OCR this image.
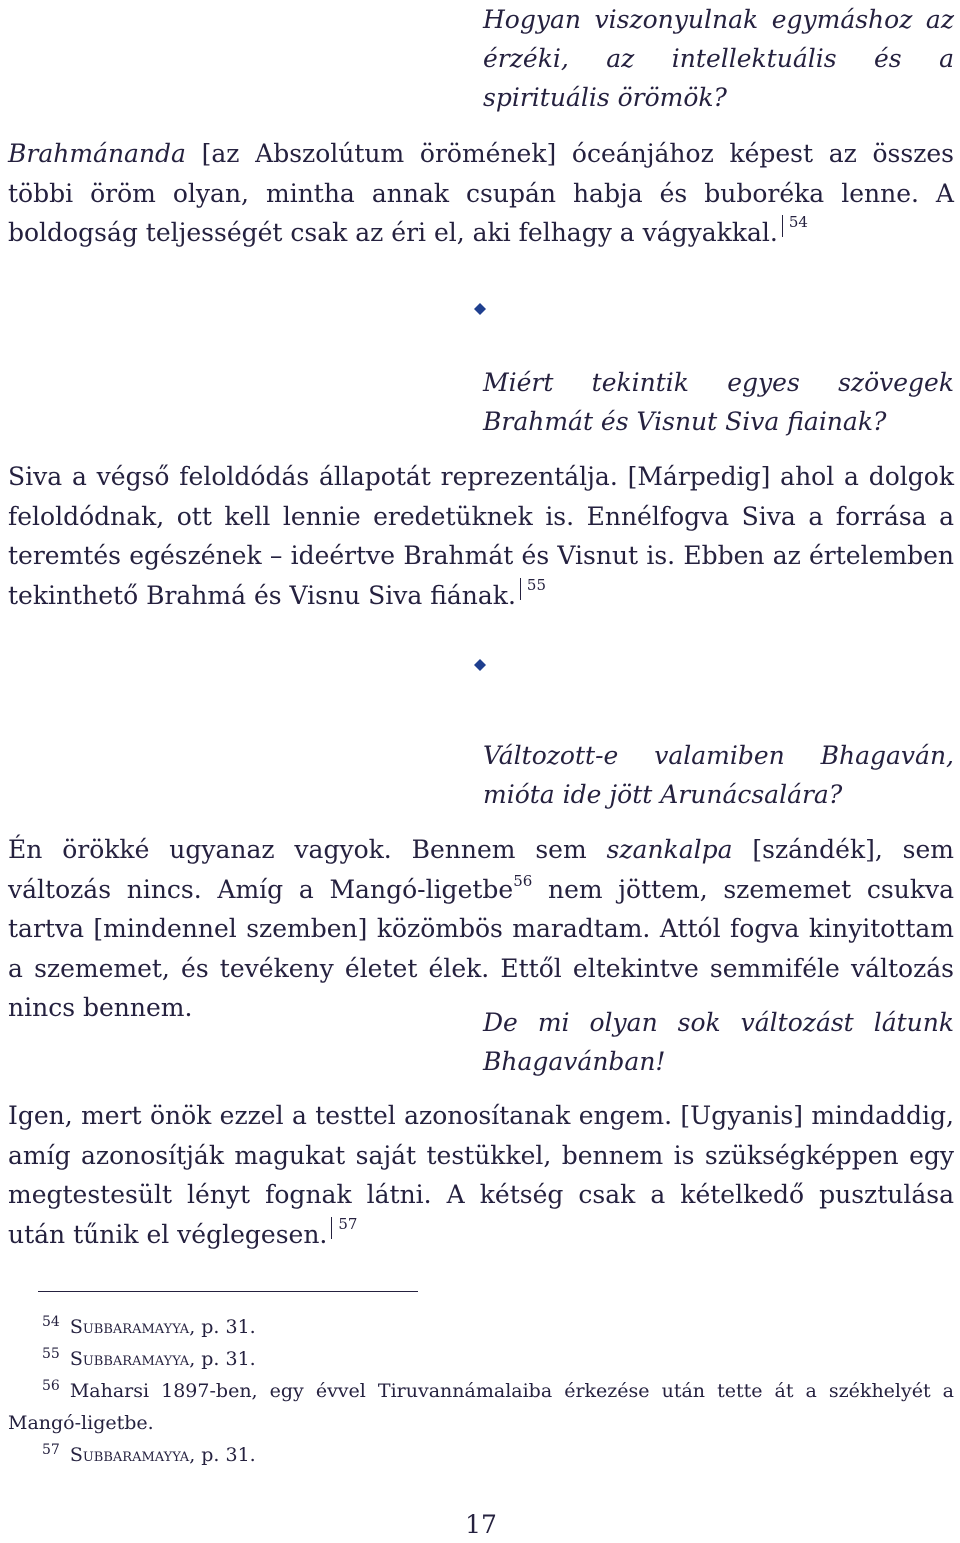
Hogyan viszonyulnak egymáshoz az érzéki, az intellektuális és a spirituális örömök?
Brahmánanda [az Abszolútum örömének] óceánjához képest az összes többi öröm olyan, mintha annak csupán habja és buboréka lenne. A boldogság teljességét csak az éri el, aki felhagy a vágyakkal. 54
Miért tekintik egyes szövegek Brahmát és Visnut Siva fiainak?
Siva a végső feloldódás állapotát reprezentálja. [Márpedig] ahol a dolgok feloldódnak, ott kell lennie eredetüknek is. Ennélfogva Siva a forrása a teremtés egészének – ideértve Brahmát és Visnut is. Ebben az értelemben tekinthető Brahmá és Visnu Siva fiának. 55
Változott-e valamiben Bhagaván, mióta ide jött Arunácsalára?
Én örökké ugyanaz vagyok. Bennem sem szankalpa [szándék], sem változás nincs. Amíg a Mangó-ligetbe$^{56}$ nem jöttem, szememet csukva tartva [mindennel szemben] közömbös maradtam. Attól fogva kinyitottam a szememet, és tevékeny életet élek. Ettől eltekintve semmiféle változás nincs bennem.
De mi olyan sok változást látunk Bhagavánban!
Igen, mert önök ezzel a testtel azonosítanak engem. [Ugyanis] mindaddig, amíg azonosítják magukat saját testükkel, bennem is szükségképpen egy megtestesült lényt fognak látni. A kétség csak a kételkedő pusztulása után tűnik el véglegesen. 57
$^{54}$ Subbaramayya, p. 31.
$^{55}$ Subbaramayya, p. 31.
$^{56}$ Maharsi 1897-ben, egy évvel Tiruvannámalaiba érkezése után tette át a székhelyét a Mangó-ligetbe.
$^{57}$ Subbaramayya, p. 31.
17
